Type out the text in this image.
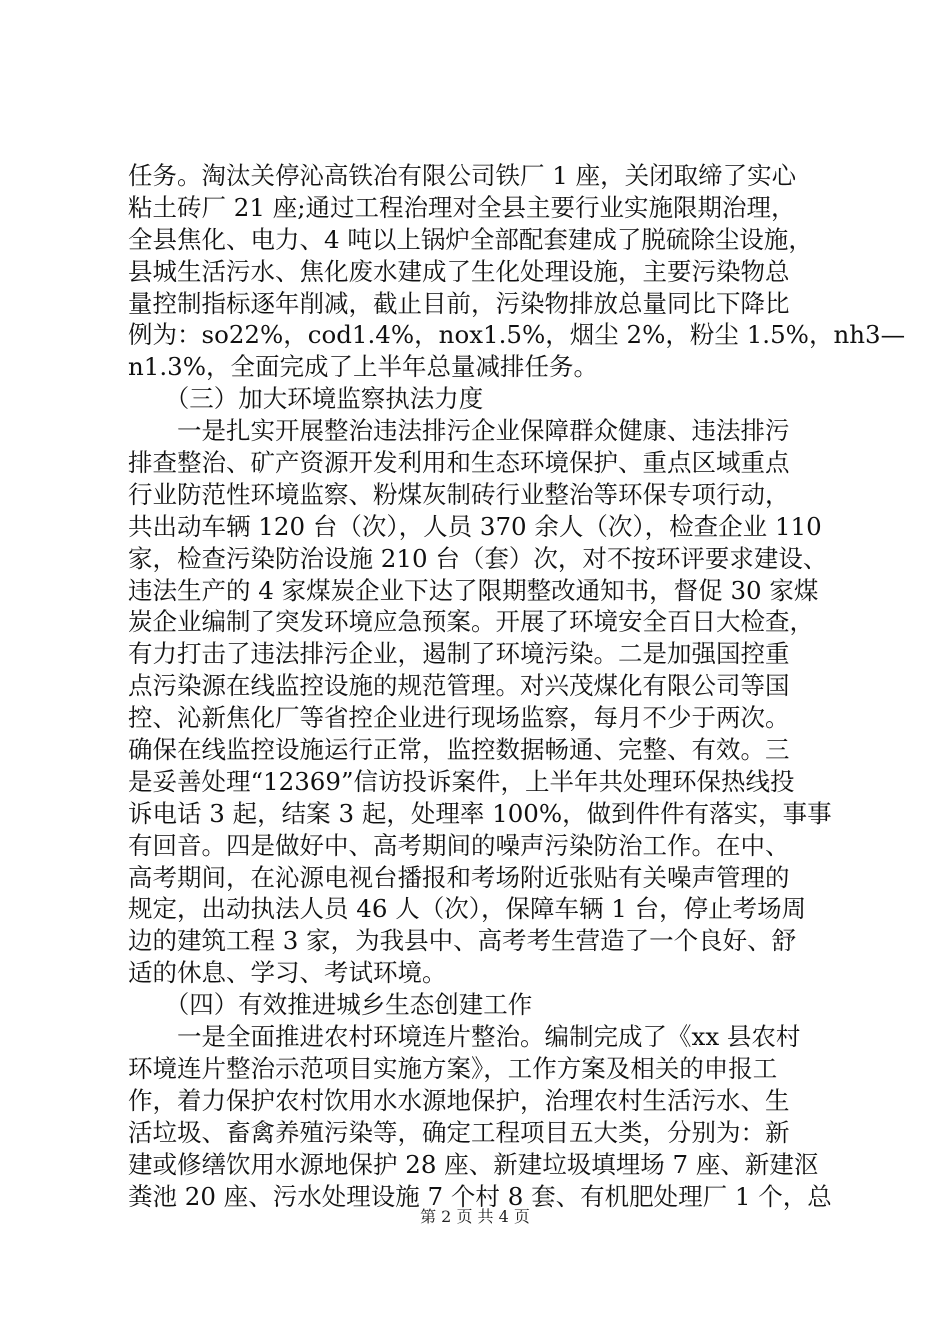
任务。淘汰关停沁高铁冶有限公司铁厂 1 座，关闭取缔了实心
粘土砖厂 21 座;通过工程治理对全县主要行业实施限期治理，
全县焦化、电力、4 吨以上锅炉全部配套建成了脱硫除尘设施，
县城生活污水、焦化废水建成了生化处理设施，主要污染物总
量控制指标逐年削减，截止目前，污染物排放总量同比下降比
例为：so22%，cod1.4%，nox1.5%，烟尘 2%，粉尘 1.5%，nh3—
n1.3%，全面完成了上半年总量减排任务。
　　（三）加大环境监察执法力度
　　一是扎实开展整治违法排污企业保障群众健康、违法排污
排查整治、矿产资源开发利用和生态环境保护、重点区域重点
行业防范性环境监察、粉煤灰制砖行业整治等环保专项行动，
共出动车辆 120 台（次），人员 370 余人（次），检查企业 110
家，检查污染防治设施 210 台（套）次，对不按环评要求建设、
违法生产的 4 家煤炭企业下达了限期整改通知书，督促 30 家煤
炭企业编制了突发环境应急预案。开展了环境安全百日大检查，
有力打击了违法排污企业，遏制了环境污染。二是加强国控重
点污染源在线监控设施的规范管理。对兴茂煤化有限公司等国
控、沁新焦化厂等省控企业进行现场监察，每月不少于两次。
确保在线监控设施运行正常，监控数据畅通、完整、有效。三
是妥善处理“12369”信访投诉案件，上半年共处理环保热线投
诉电话 3 起，结案 3 起，处理率 100%，做到件件有落实，事事
有回音。四是做好中、高考期间的噪声污染防治工作。在中、
高考期间，在沁源电视台播报和考场附近张贴有关噪声管理的
规定，出动执法人员 46 人（次），保障车辆 1 台，停止考场周
边的建筑工程 3 家，为我县中、高考考生营造了一个良好、舒
适的休息、学习、考试环境。
　　（四）有效推进城乡生态创建工作
　　一是全面推进农村环境连片整治。编制完成了《xx 县农村
环境连片整治示范项目实施方案》，工作方案及相关的申报工
作，着力保护农村饮用水水源地保护，治理农村生活污水、生
活垃圾、畜禽养殖污染等，确定工程项目五大类，分别为：新
建或修缮饮用水源地保护 28 座、新建垃圾填埋场 7 座、新建沤
粪池 20 座、污水处理设施 7 个村 8 套、有机肥处理厂 1 个，总
第 2 页 共 4 页
